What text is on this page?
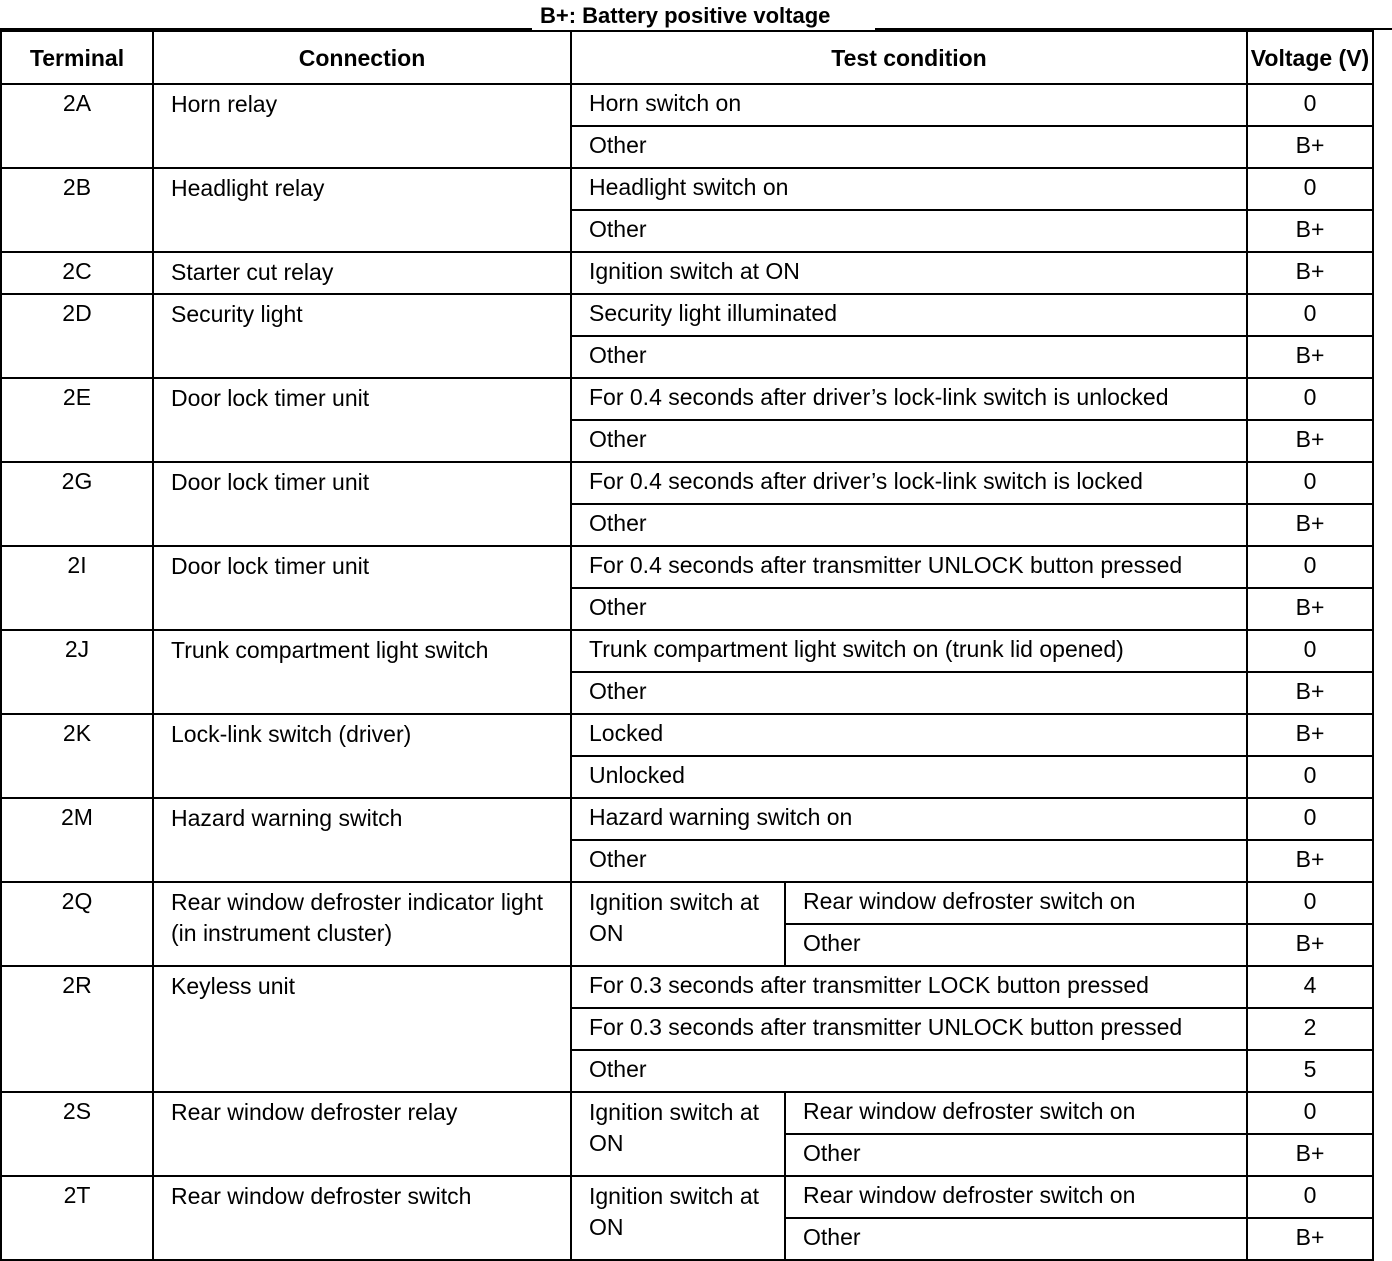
B+: Battery positive voltage
Terminal	Connection	Test condition		Voltage (V)
2A	Horn relay	Horn switch on		0
		Other		B+
2B	Headlight relay	Headlight switch on		0
		Other		B+
2C	Starter cut relay	Ignition switch at ON		B+
2D	Security light	Security light illuminated		0
		Other		B+
2E	Door lock timer unit	For 0.4 seconds after driver’s lock-link switch is unlocked		0
		Other		B+
2G	Door lock timer unit	For 0.4 seconds after driver’s lock-link switch is locked		0
		Other		B+
2I	Door lock timer unit	For 0.4 seconds after transmitter UNLOCK button pressed		0
		Other		B+
2J	Trunk compartment light switch	Trunk compartment light switch on (trunk lid opened)		0
		Other		B+
2K	Lock-link switch (driver)	Locked		B+
		Unlocked		0
2M	Hazard warning switch	Hazard warning switch on		0
		Other		B+
2Q	Rear window defroster indicator light (in instrument cluster)	Ignition switch at ON	Rear window defroster switch on	0
			Other	B+
2R	Keyless unit	For 0.3 seconds after transmitter LOCK button pressed		4
		For 0.3 seconds after transmitter UNLOCK button pressed		2
		Other		5
2S	Rear window defroster relay	Ignition switch at ON	Rear window defroster switch on	0
			Other	B+
2T	Rear window defroster switch	Ignition switch at ON	Rear window defroster switch on	0
			Other	B+
